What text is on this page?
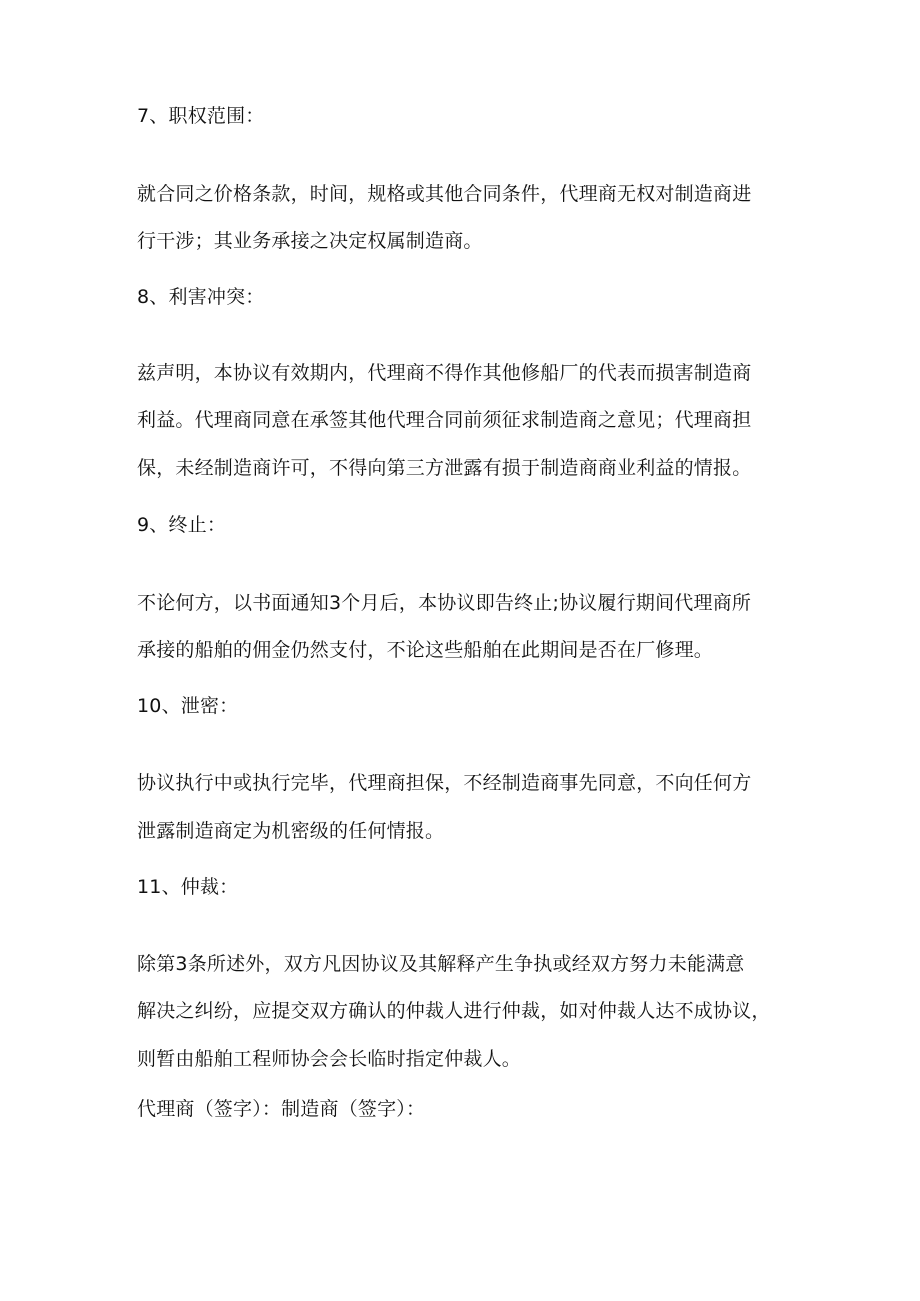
7、职权范围：
就合同之价格条款，时间，规格或其他合同条件，代理商无权对制造商进
行干涉；其业务承接之决定权属制造商。
8、利害冲突：
兹声明，本协议有效期内，代理商不得作其他修船厂的代表而损害制造商
利益。代理商同意在承签其他代理合同前须征求制造商之意见；代理商担
保，未经制造商许可，不得向第三方泄露有损于制造商商业利益的情报。
9、终止：
不论何方，以书面通知3个月后，本协议即告终止;协议履行期间代理商所
承接的船舶的佣金仍然支付，不论这些船舶在此期间是否在厂修理。
10、泄密：
协议执行中或执行完毕，代理商担保，不经制造商事先同意，不向任何方
泄露制造商定为机密级的任何情报。
11、仲裁：
除第3条所述外，双方凡因协议及其解释产生争执或经双方努力未能满意
解决之纠纷，应提交双方确认的仲裁人进行仲裁，如对仲裁人达不成协议，
则暂由船舶工程师协会会长临时指定仲裁人。
代理商（签字）：制造商（签字）：
